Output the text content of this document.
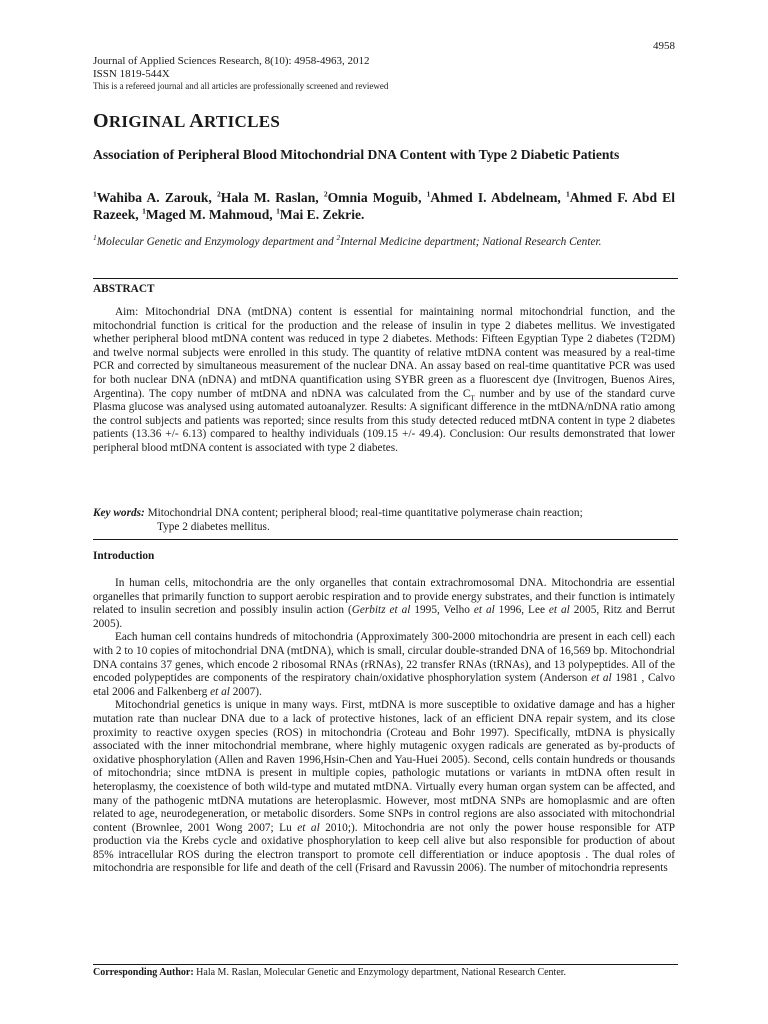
4958
Journal of Applied Sciences Research, 8(10): 4958-4963, 2012
ISSN 1819-544X
This is a refereed journal and all articles are professionally screened and reviewed
ORIGINAL ARTICLES
Association of Peripheral Blood Mitochondrial DNA Content with Type 2 Diabetic Patients
$^1$Wahiba A. Zarouk, $^2$Hala M. Raslan, $^2$Omnia Moguib, $^1$Ahmed I. Abdelneam, $^1$Ahmed F. Abd El Razeek, $^1$Maged M. Mahmoud, $^1$Mai E. Zekrie.
$^1$Molecular Genetic and Enzymology department and $^2$Internal Medicine department; National Research Center.
ABSTRACT

Aim: Mitochondrial DNA (mtDNA) content is essential for maintaining normal mitochondrial function, and the mitochondrial function is critical for the production and the release of insulin in type 2 diabetes mellitus. We investigated whether peripheral blood mtDNA content was reduced in type 2 diabetes. Methods: Fifteen Egyptian Type 2 diabetes (T2DM) and twelve normal subjects were enrolled in this study. The quantity of relative mtDNA content was measured by a real-time PCR and corrected by simultaneous measurement of the nuclear DNA. An assay based on real-time quantitative PCR was used for both nuclear DNA (nDNA) and mtDNA quantification using SYBR green as a fluorescent dye (Invitrogen, Buenos Aires, Argentina). The copy number of mtDNA and nDNA was calculated from the $C_T$ number and by use of the standard curve Plasma glucose was analysed using automated autoanalyzer. Results: A significant difference in the mtDNA/nDNA ratio among the control subjects and patients was reported; since results from this study detected reduced mtDNA content in type 2 diabetes patients (13.36 +/- 6.13) compared to healthy individuals (109.15 +/- 49.4). Conclusion: Our results demonstrated that lower peripheral blood mtDNA content is associated with type 2 diabetes.

Key words: Mitochondrial DNA content; peripheral blood; real-time quantitative polymerase chain reaction;
Type 2 diabetes mellitus.
Introduction

In human cells, mitochondria are the only organelles that contain extrachromosomal DNA. Mitochondria are essential organelles that primarily function to support aerobic respiration and to provide energy substrates, and their function is intimately related to insulin secretion and possibly insulin action (Gerbitz et al 1995, Velho et al 1996, Lee et al 2005, Ritz and Berrut 2005).

Each human cell contains hundreds of mitochondria (Approximately 300-2000 mitochondria are present in each cell) each with 2 to 10 copies of mitochondrial DNA (mtDNA), which is small, circular double-stranded DNA of 16,569 bp. Mitochondrial DNA contains 37 genes, which encode 2 ribosomal RNAs (rRNAs), 22 transfer RNAs (tRNAs), and 13 polypeptides. All of the encoded polypeptides are components of the respiratory chain/oxidative phosphorylation system (Anderson et al 1981 , Calvo etal 2006 and Falkenberg et al 2007).

Mitochondrial genetics is unique in many ways. First, mtDNA is more susceptible to oxidative damage and has a higher mutation rate than nuclear DNA due to a lack of protective histones, lack of an efficient DNA repair system, and its close proximity to reactive oxygen species (ROS) in mitochondria (Croteau and Bohr 1997). Specifically, mtDNA is physically associated with the inner mitochondrial membrane, where highly mutagenic oxygen radicals are generated as by-products of oxidative phosphorylation (Allen and Raven 1996,Hsin-Chen and Yau-Huei 2005). Second, cells contain hundreds or thousands of mitochondria; since mtDNA is present in multiple copies, pathologic mutations or variants in mtDNA often result in heteroplasmy, the coexistence of both wild-type and mutated mtDNA. Virtually every human organ system can be affected, and many of the pathogenic mtDNA mutations are heteroplasmic. However, most mtDNA SNPs are homoplasmic and are often related to age, neurodegeneration, or metabolic disorders. Some SNPs in control regions are also associated with mitochondrial content (Brownlee, 2001 Wong 2007; Lu et al 2010;). Mitochondria are not only the power house responsible for ATP production via the Krebs cycle and oxidative phosphorylation to keep cell alive but also responsible for production of about 85% intracellular ROS during the electron transport to promote cell differentiation or induce apoptosis . The dual roles of mitochondria are responsible for life and death of the cell (Frisard and Ravussin 2006). The number of mitochondria represents

Corresponding Author: Hala M. Raslan, Molecular Genetic and Enzymology department, National Research Center.
